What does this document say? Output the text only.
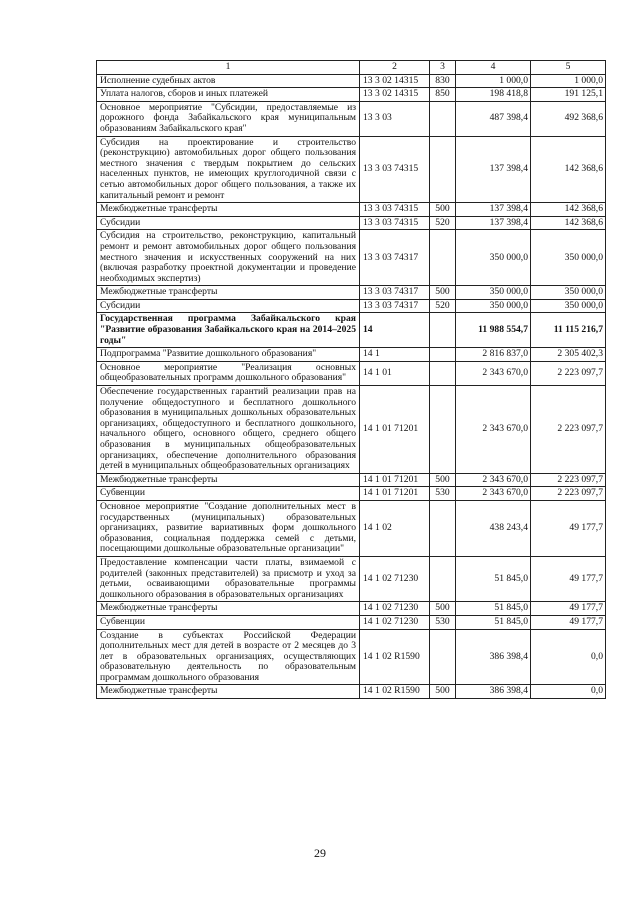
1	2	3	4	5
Исполнение судебных актов	13 3 02 14315	830	1 000,0	1 000,0
Уплата налогов, сборов и иных платежей	13 3 02 14315	850	198 418,8	191 125,1
Основное мероприятие "Субсидии, предоставляемые из дорожного фонда Забайкальского края муниципальным образованиям Забайкальского края"	13 3 03		487 398,4	492 368,6
Субсидия на проектирование и строительство (реконструкцию) автомобильных дорог общего пользования местного значения с твердым покрытием до сельских населенных пунктов, не имеющих круглогодичной связи с сетью автомобильных дорог общего пользования, а также их капитальный ремонт и ремонт	13 3 03 74315		137 398,4	142 368,6
Межбюджетные трансферты	13 3 03 74315	500	137 398,4	142 368,6
Субсидии	13 3 03 74315	520	137 398,4	142 368,6
Субсидия на строительство, реконструкцию, капитальный ремонт и ремонт автомобильных дорог общего пользования местного значения и искусственных сооружений на них (включая разработку проектной документации и проведение необходимых экспертиз)	13 3 03 74317		350 000,0	350 000,0
Межбюджетные трансферты	13 3 03 74317	500	350 000,0	350 000,0
Субсидии	13 3 03 74317	520	350 000,0	350 000,0
Государственная программа Забайкальского края "Развитие образования Забайкальского края на 2014–2025 годы"	14		11 988 554,7	11 115 216,7
Подпрограмма "Развитие дошкольного образования"	14 1		2 816 837,0	2 305 402,3
Основное мероприятие "Реализация основных общеобразовательных программ дошкольного образования"	14 1 01		2 343 670,0	2 223 097,7
Обеспечение государственных гарантий реализации прав на получение общедоступного и бесплатного дошкольного образования в муниципальных дошкольных образовательных организациях, общедоступного и бесплатного дошкольного, начального общего, основного общего, среднего общего образования в муниципальных общеобразовательных организациях, обеспечение дополнительного образования детей в муниципальных общеобразовательных организациях	14 1 01 71201		2 343 670,0	2 223 097,7
Межбюджетные трансферты	14 1 01 71201	500	2 343 670,0	2 223 097,7
Субвенции	14 1 01 71201	530	2 343 670,0	2 223 097,7
Основное мероприятие "Создание дополнительных мест в государственных (муниципальных) образовательных организациях, развитие вариативных форм дошкольного образования, социальная поддержка семей с детьми, посещающими дошкольные образовательные организации"	14 1 02		438 243,4	49 177,7
Предоставление компенсации части платы, взимаемой с родителей (законных представителей) за присмотр и уход за детьми, осваивающими образовательные программы дошкольного образования в образовательных организациях	14 1 02 71230		51 845,0	49 177,7
Межбюджетные трансферты	14 1 02 71230	500	51 845,0	49 177,7
Субвенции	14 1 02 71230	530	51 845,0	49 177,7
Создание в субъектах Российской Федерации дополнительных мест для детей в возрасте от 2 месяцев до 3 лет в образовательных организациях, осуществляющих образовательную деятельность по образовательным программам дошкольного образования	14 1 02 R1590		386 398,4	0,0
Межбюджетные трансферты	14 1 02 R1590	500	386 398,4	0,0
29
